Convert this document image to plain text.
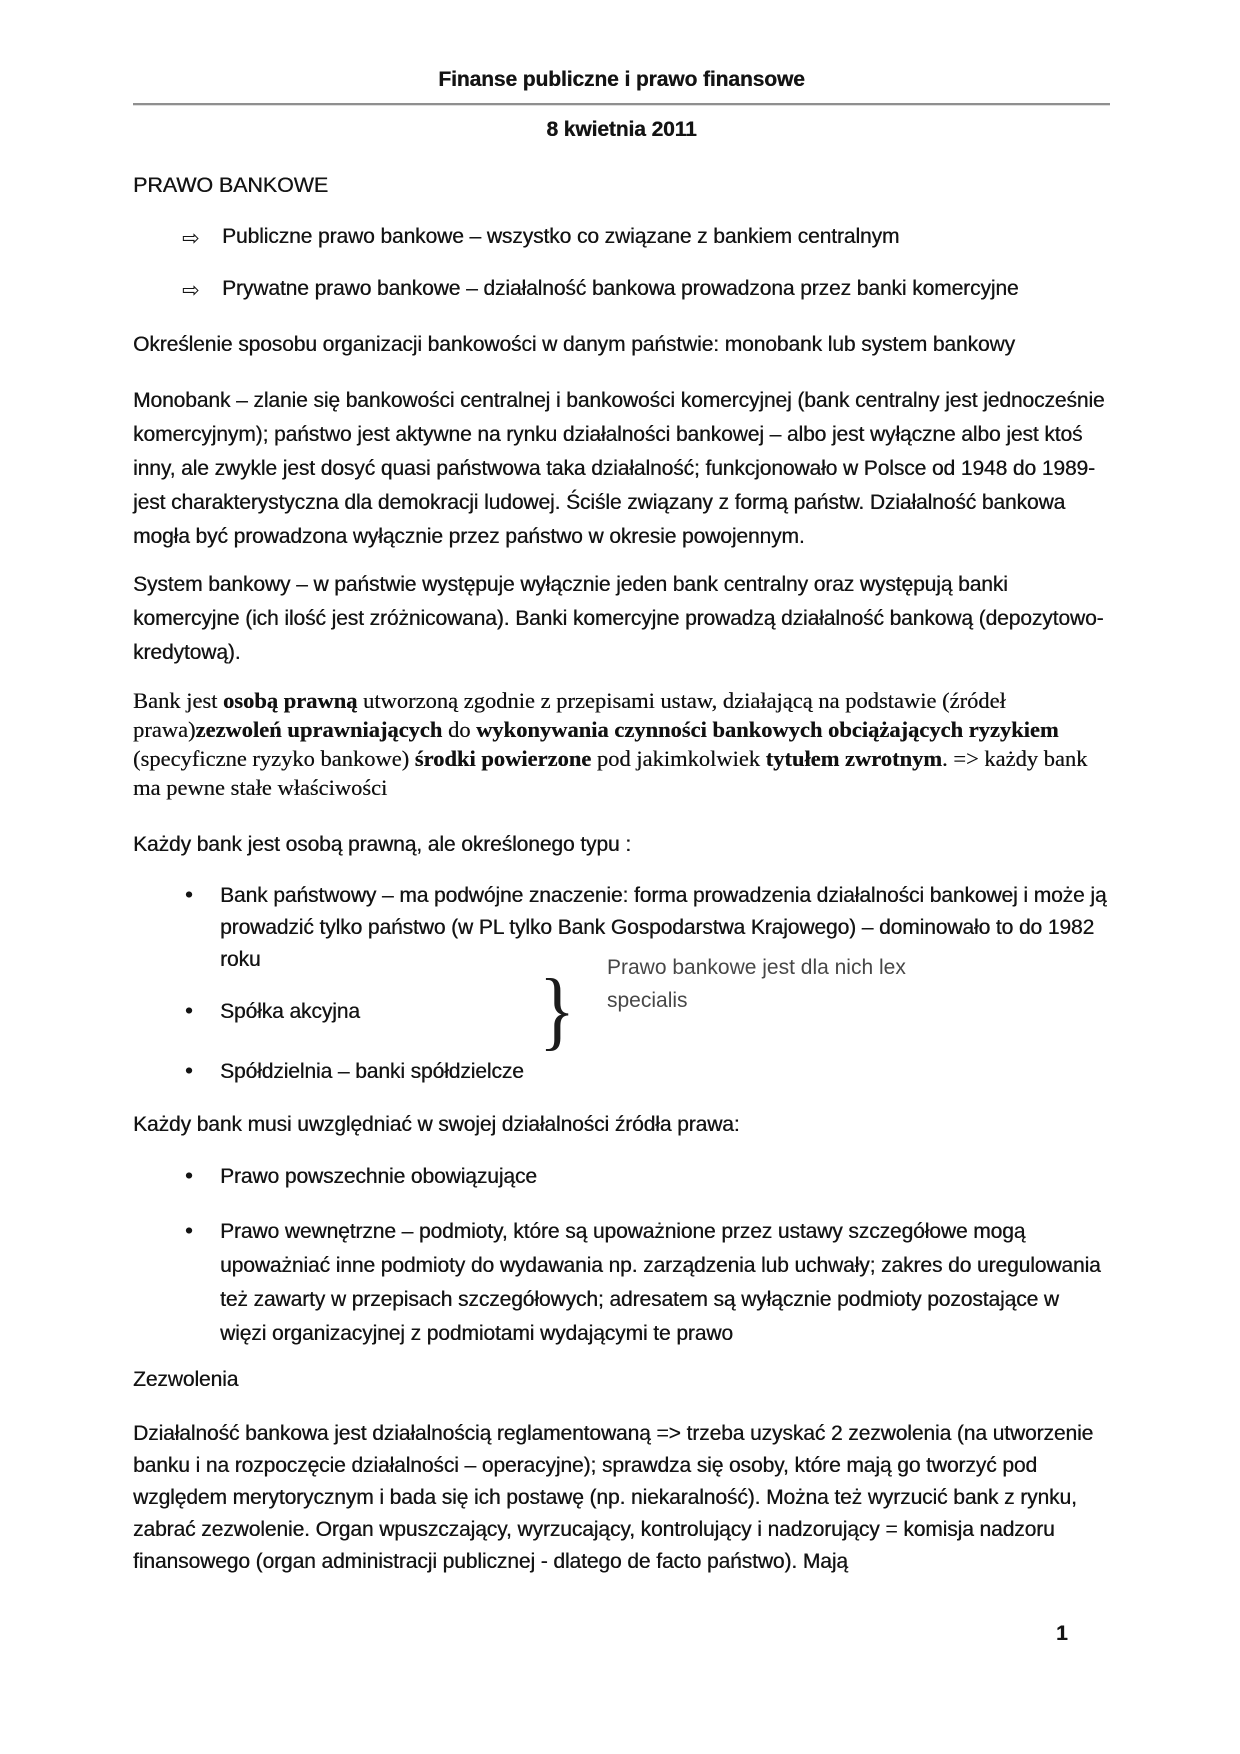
Finanse publiczne i prawo finansowe
8 kwietnia 2011

PRAWO BANKOWE

⇨ Publiczne prawo bankowe – wszystko co związane z bankiem centralnym
⇨ Prywatne prawo bankowe – działalność bankowa prowadzona przez banki komercyjne

Określenie sposobu organizacji bankowości w danym państwie: monobank lub system bankowy

Monobank – zlanie się bankowości centralnej i bankowości komercyjnej (bank centralny jest jednocześnie komercyjnym); państwo jest aktywne na rynku działalności bankowej – albo jest wyłączne albo jest ktoś inny, ale zwykle jest dosyć quasi państwowa taka działalność; funkcjonowało w Polsce od 1948 do 1989- jest charakterystyczna dla demokracji ludowej. Ściśle związany z formą państw. Działalność bankowa mogła być prowadzona wyłącznie przez państwo w okresie powojennym.

System bankowy – w państwie występuje wyłącznie jeden bank centralny oraz występują banki komercyjne (ich ilość jest zróżnicowana). Banki komercyjne prowadzą działalność bankową (depozytowo-kredytową).

Bank jest osobą prawną utworzoną zgodnie z przepisami ustaw, działającą na podstawie (źródeł prawa)zezwoleń uprawniających do wykonywania czynności bankowych obciążających ryzykiem (specyficzne ryzyko bankowe) środki powierzone pod jakimkolwiek tytułem zwrotnym. => każdy bank ma pewne stałe właściwości

Każdy bank jest osobą prawną, ale określonego typu :

• Bank państwowy – ma podwójne znaczenie: forma prowadzenia działalności bankowej i może ją prowadzić tylko państwo (w PL tylko Bank Gospodarstwa Krajowego) – dominowało to do 1982 roku
• Spółka akcyjna
• Spółdzielnia – banki spółdzielcze
} Prawo bankowe jest dla nich lex specialis

Każdy bank musi uwzględniać w swojej działalności źródła prawa:

• Prawo powszechnie obowiązujące
• Prawo wewnętrzne – podmioty, które są upoważnione przez ustawy szczegółowe mogą upoważniać inne podmioty do wydawania np. zarządzenia lub uchwały; zakres do uregulowania też zawarty w przepisach szczegółowych; adresatem są wyłącznie podmioty pozostające w więzi organizacyjnej z podmiotami wydającymi te prawo

Zezwolenia

Działalność bankowa jest działalnością reglamentowaną => trzeba uzyskać 2 zezwolenia (na utworzenie banku i na rozpoczęcie działalności – operacyjne); sprawdza się osoby, które mają go tworzyć pod względem merytorycznym i bada się ich postawę (np. niekaralność). Można też wyrzucić bank z rynku, zabrać zezwolenie. Organ wpuszczający, wyrzucający, kontrolujący i nadzorujący = komisja nadzoru finansowego (organ administracji publicznej - dlatego de facto państwo). Mają

1
